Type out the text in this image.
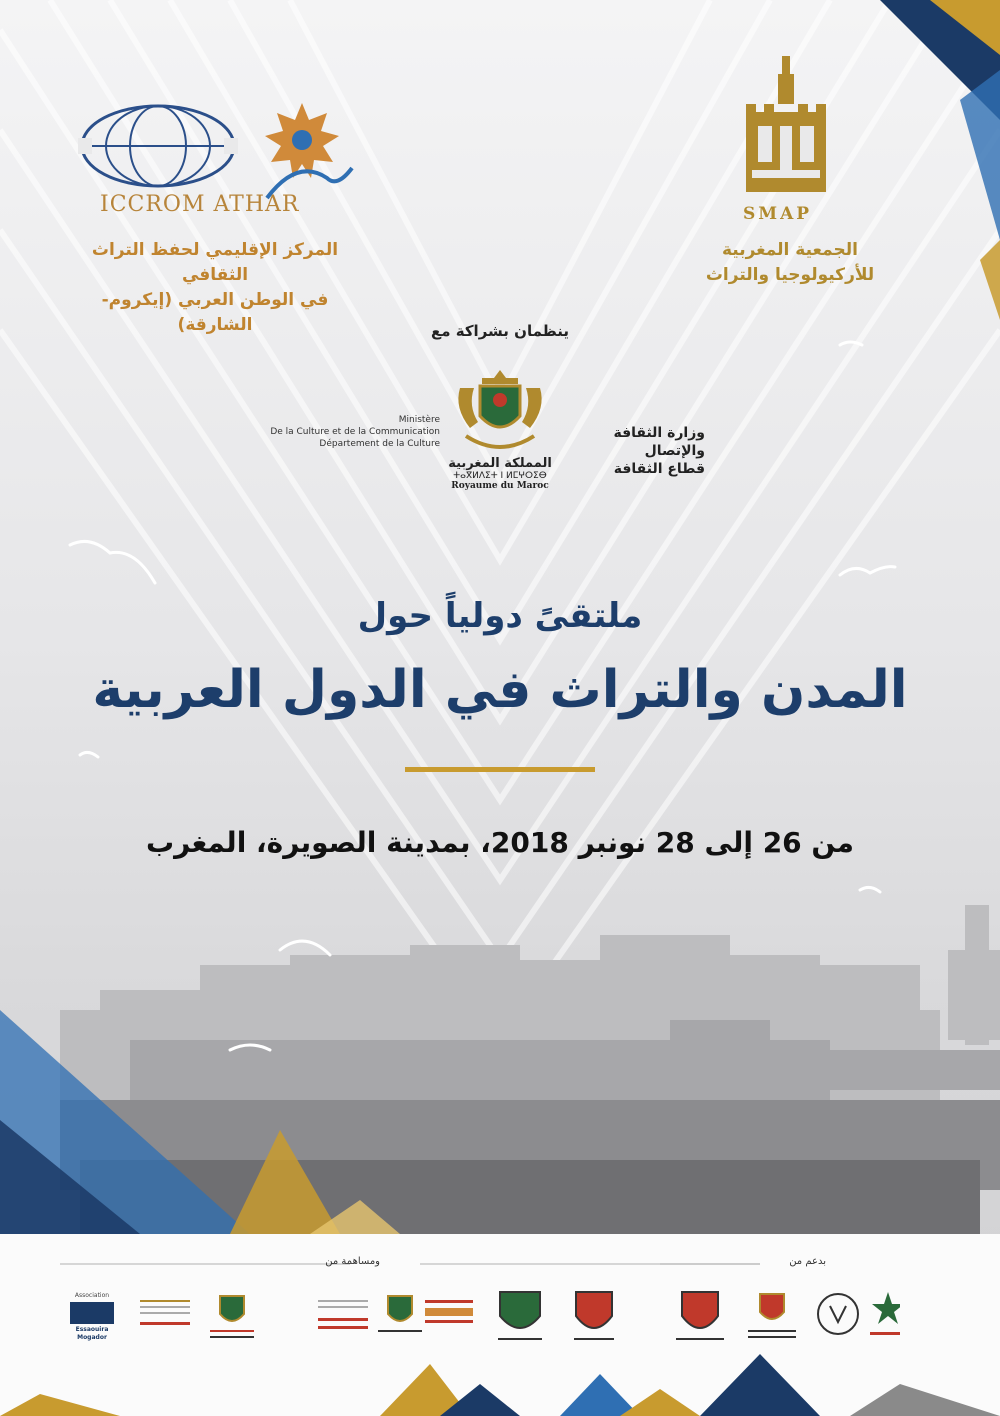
ICCROM ATHAR
المركز الإقليمي لحفظ التراث الثقافي
في الوطن العربي (إيكروم-الشارقة)
SMAP
الجمعية المغربية
للأركيولوجيا والتراث
ينظمان بشراكة مع
Ministère
De la Culture et de la Communication
Département de la Culture
وزارة الثقافة والإتصال
قطاع الثقافة
المملكة المغربية
ⵜⴰⴳⵍⴷⵉⵜ ⵏ ⵍⵎⵖⵔⵉⴱ
Royaume du Maroc
ملتقىً دولياً حول
المدن والتراث في الدول العربية
من 26 إلى 28 نونبر 2018، بمدينة الصويرة، المغرب
بدعم من
ومساهمة من
Association
Essaouira Mogador
